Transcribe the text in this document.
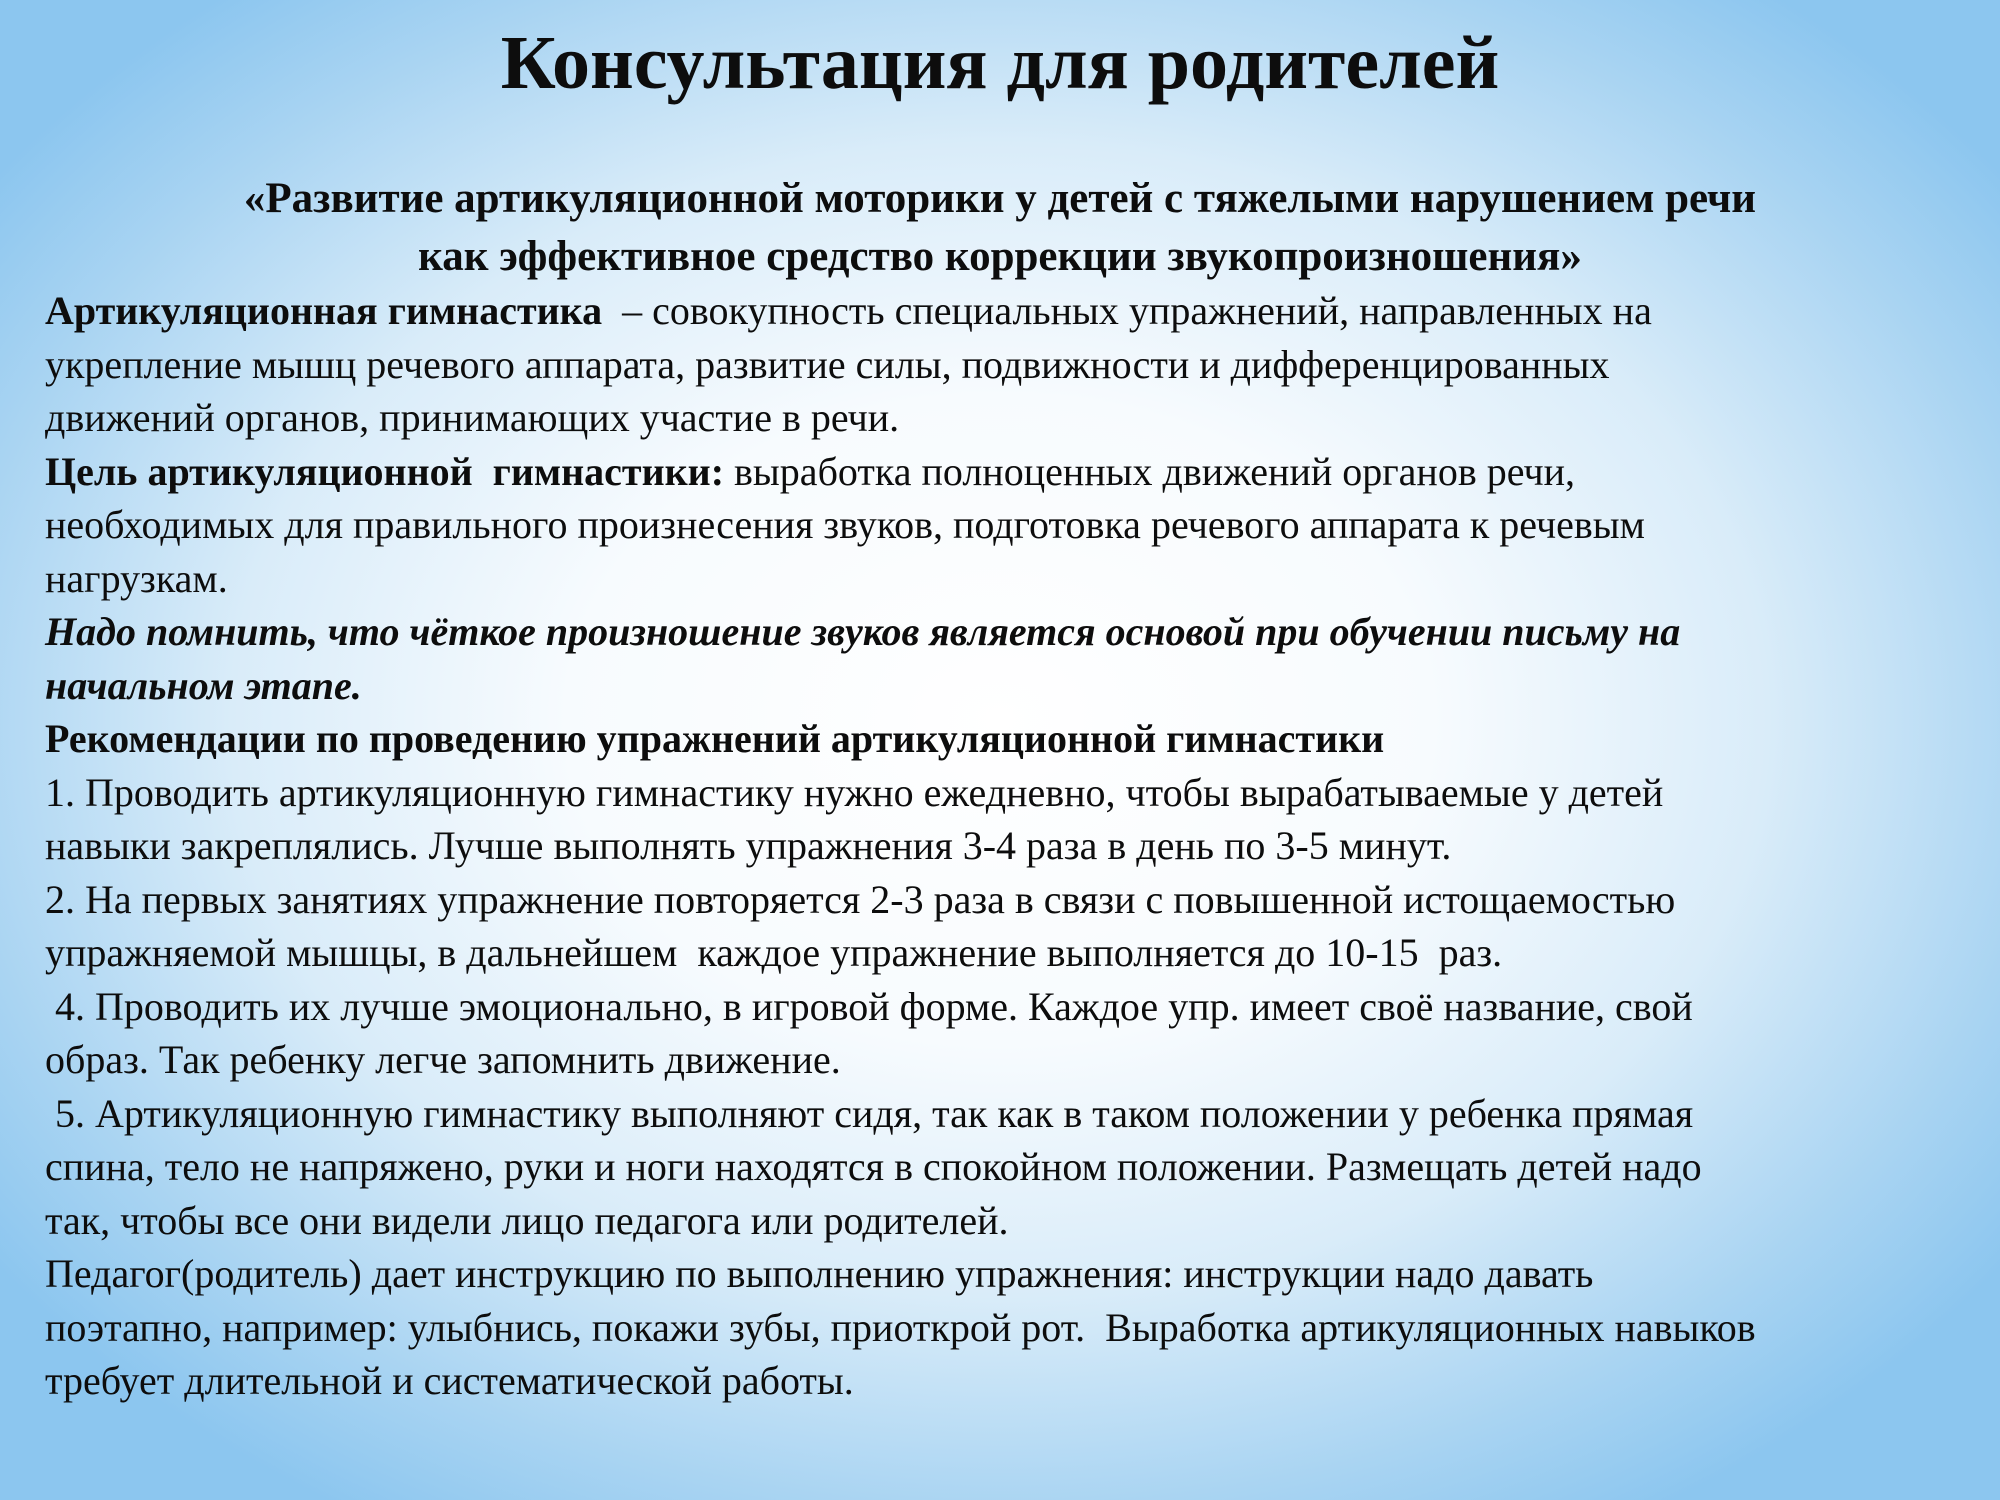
Консультация для родителей
«Развитие артикуляционной моторики у детей с тяжелыми нарушением речи
как эффективное средство коррекции звукопроизношения»

Артикуляционная гимнастика  – совокупность специальных упражнений, направленных на

укрепление мышц речевого аппарата, развитие силы, подвижности и дифференцированных

движений органов, принимающих участие в речи.

Цель артикуляционной  гимнастики: выработка полноценных движений органов речи,

необходимых для правильного произнесения звуков, подготовка речевого аппарата к речевым

нагрузкам.

Надо помнить, что чёткое произношение звуков является основой при обучении письму на

начальном этапе.

Рекомендации по проведению упражнений артикуляционной гимнастики

1. Проводить артикуляционную гимнастику нужно ежедневно, чтобы вырабатываемые у детей

навыки закреплялись. Лучше выполнять упражнения 3-4 раза в день по 3-5 минут.

2. На первых занятиях упражнение повторяется 2-3 раза в связи с повышенной истощаемостью

упражняемой мышцы, в дальнейшем  каждое упражнение выполняется до 10-15  раз.

4. Проводить их лучше эмоционально, в игровой форме. Каждое упр. имеет своё название, свой

образ. Так ребенку легче запомнить движение.

5. Артикуляционную гимнастику выполняют сидя, так как в таком положении у ребенка прямая

спина, тело не напряжено, руки и ноги находятся в спокойном положении. Размещать детей надо

так, чтобы все они видели лицо педагога или родителей.

Педагог(родитель) дает инструкцию по выполнению упражнения: инструкции надо давать

поэтапно, например: улыбнись, покажи зубы, приоткрой рот.  Выработка артикуляционных навыков

требует длительной и систематической работы.
